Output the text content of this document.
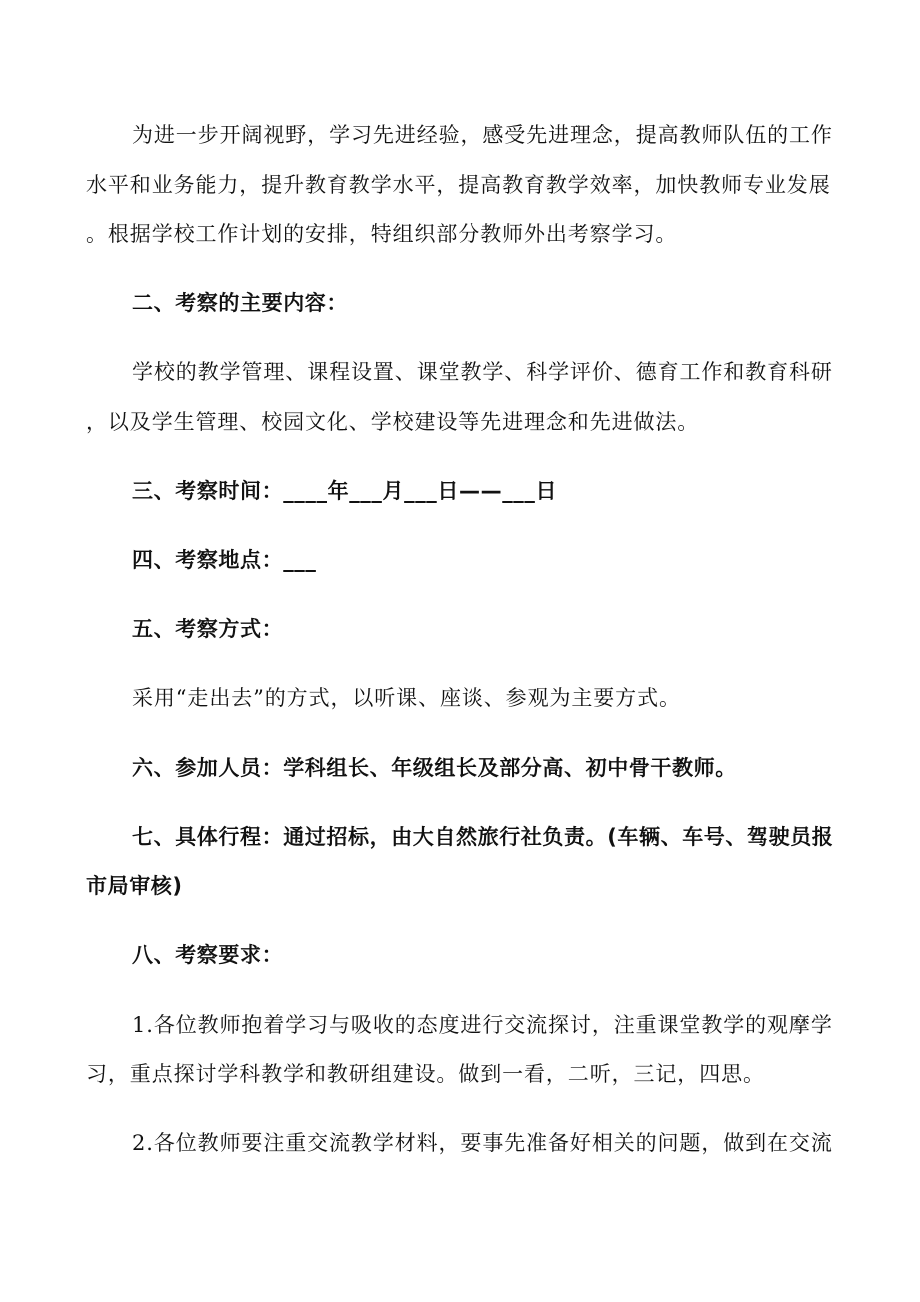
为进一步开阔视野，学习先进经验，感受先进理念，提高教师队伍的工作
水平和业务能力，提升教育教学水平，提高教育教学效率，加快教师专业发展
。根据学校工作计划的安排，特组织部分教师外出考察学习。
二、考察的主要内容：
学校的教学管理、课程设置、课堂教学、科学评价、德育工作和教育科研
，以及学生管理、校园文化、学校建设等先进理念和先进做法。
三、考察时间：____年___月___日——___日
四、考察地点：___
五、考察方式：
采用“走出去”的方式，以听课、座谈、参观为主要方式。
六、参加人员：学科组长、年级组长及部分高、初中骨干教师。
七、具体行程：通过招标，由大自然旅行社负责。(车辆、车号、驾驶员报
市局审核)
八、考察要求：
1.各位教师抱着学习与吸收的态度进行交流探讨，注重课堂教学的观摩学
习，重点探讨学科教学和教研组建设。做到一看，二听，三记，四思。
2.各位教师要注重交流教学材料，要事先准备好相关的问题，做到在交流
